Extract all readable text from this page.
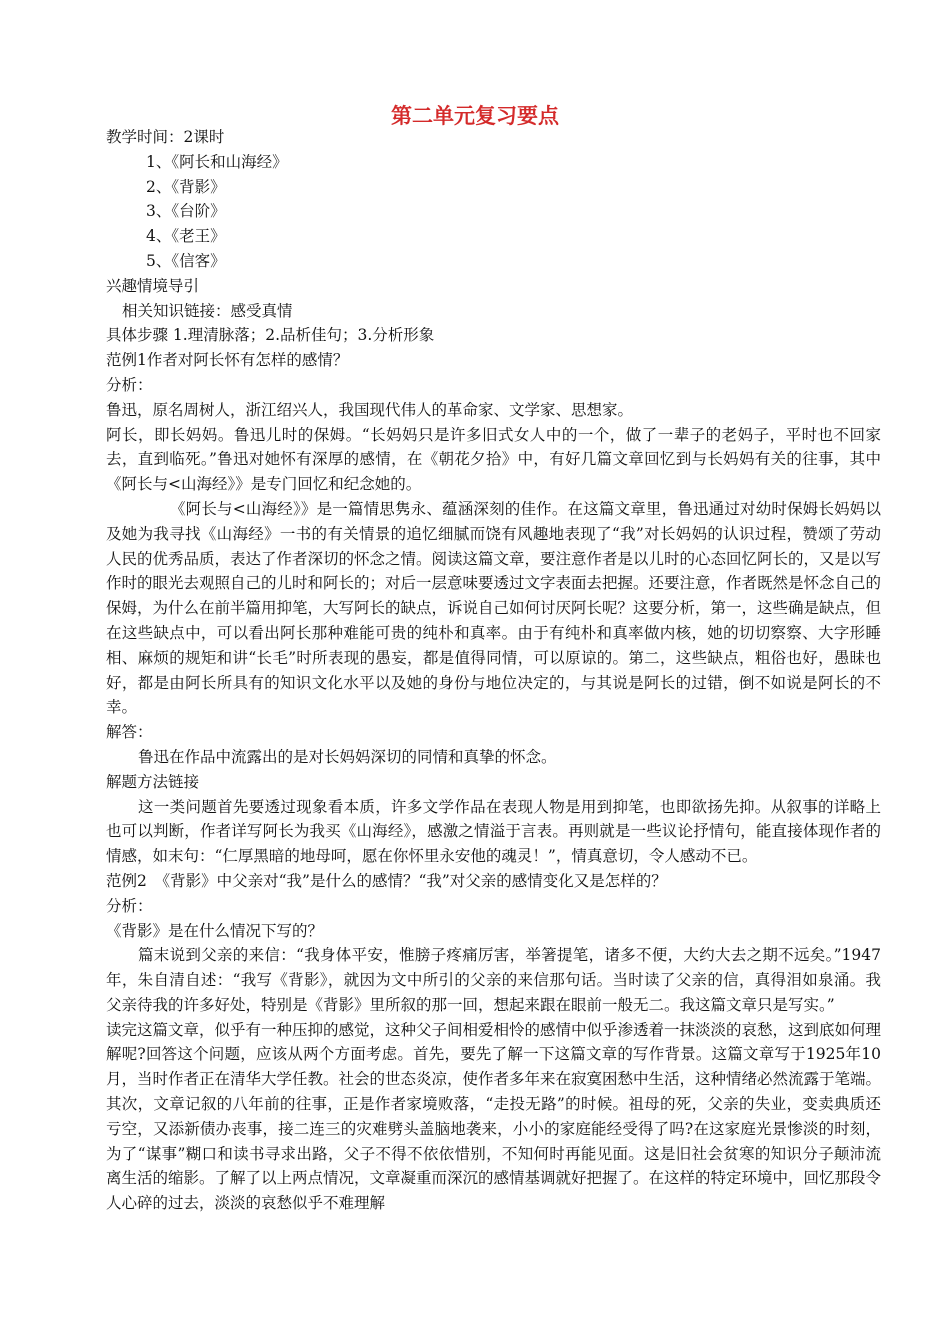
第二单元复习要点
教学时间：2课时
1、《阿长和山海经》
2、《背影》
3、《台阶》
4、《老王》
5、《信客》
兴趣情境导引
相关知识链接：感受真情
具体步骤 1.理清脉落；2.品析佳句；3.分析形象
范例1作者对阿长怀有怎样的感情？
分析：
鲁迅，原名周树人，浙江绍兴人，我国现代伟人的革命家、文学家、思想家。
阿长，即长妈妈。鲁迅儿时的保姆。“长妈妈只是许多旧式女人中的一个，做了一辈子的老妈子，平时也不回家去，直到临死。”鲁迅对她怀有深厚的感情，在《朝花夕拾》中，有好几篇文章回忆到与长妈妈有关的往事，其中《阿长与<山海经》》是专门回忆和纪念她的。
《阿长与<山海经》》是一篇情思隽永、蕴涵深刻的佳作。在这篇文章里，鲁迅通过对幼时保姆长妈妈以及她为我寻找《山海经》一书的有关情景的追忆细腻而饶有风趣地表现了“我”对长妈妈的认识过程，赞颂了劳动人民的优秀品质，表达了作者深切的怀念之情。阅读这篇文章，要注意作者是以儿时的心态回忆阿长的，又是以写作时的眼光去观照自己的儿时和阿长的；对后一层意味要透过文字表面去把握。还要注意，作者既然是怀念自己的保姆，为什么在前半篇用抑笔，大写阿长的缺点，诉说自己如何讨厌阿长呢？这要分析，第一，这些确是缺点，但在这些缺点中，可以看出阿长那种难能可贵的纯朴和真率。由于有纯朴和真率做内核，她的切切察察、大字形睡相、麻烦的规矩和讲“长毛”时所表现的愚妄，都是值得同情，可以原谅的。第二，这些缺点，粗俗也好，愚昧也好，都是由阿长所具有的知识文化水平以及她的身份与地位决定的，与其说是阿长的过错，倒不如说是阿长的不幸。
解答：
鲁迅在作品中流露出的是对长妈妈深切的同情和真挚的怀念。
解题方法链接
这一类问题首先要透过现象看本质，许多文学作品在表现人物是用到抑笔，也即欲扬先抑。从叙事的详略上也可以判断，作者详写阿长为我买《山海经》，感激之情溢于言表。再则就是一些议论抒情句，能直接体现作者的情感，如末句：“仁厚黑暗的地母呵，愿在你怀里永安他的魂灵！”，情真意切，令人感动不已。
范例2　《背影》中父亲对“我”是什么的感情？“我”对父亲的感情变化又是怎样的？
分析：
《背影》是在什么情况下写的？
篇末说到父亲的来信：“我身体平安，惟膀子疼痛厉害，举箸提笔，诸多不便，大约大去之期不远矣。”1947年，朱自清自述：“我写《背影》，就因为文中所引的父亲的来信那句话。当时读了父亲的信，真得泪如泉涌。我父亲待我的许多好处，特别是《背影》里所叙的那一回，想起来跟在眼前一般无二。我这篇文章只是写实。”
读完这篇文章，似乎有一种压抑的感觉，这种父子间相爱相怜的感情中似乎渗透着一抹淡淡的哀愁，这到底如何理解呢?回答这个问题，应该从两个方面考虑。首先，要先了解一下这篇文章的写作背景。这篇文章写于1925年10月，当时作者正在清华大学任教。社会的世态炎凉，使作者多年来在寂寞困愁中生活，这种情绪必然流露于笔端。其次，文章记叙的八年前的往事，正是作者家境败落，“走投无路”的时候。祖母的死，父亲的失业，变卖典质还亏空，又添新债办丧事，接二连三的灾难劈头盖脑地袭来，小小的家庭能经受得了吗?在这家庭光景惨淡的时刻，为了“谋事”糊口和读书寻求出路，父子不得不依依惜别，不知何时再能见面。这是旧社会贫寒的知识分子颠沛流离生活的缩影。了解了以上两点情况，文章凝重而深沉的感情基调就好把握了。在这样的特定环境中，回忆那段令人心碎的过去，淡淡的哀愁似乎不难理解
